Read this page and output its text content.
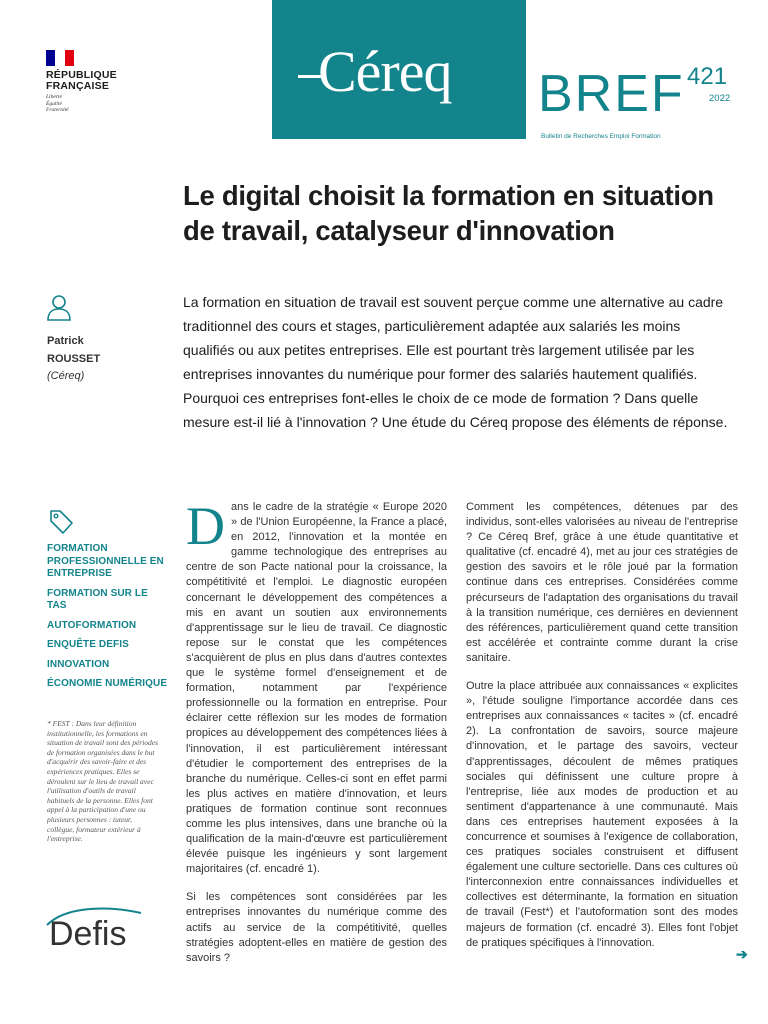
RÉPUBLIQUE FRANÇAISE
Liberté
Égalité
Fraternité
Céreq BREF 421
2022
Bulletin de Recherches Emploi Formation
Le digital choisit la formation en situation de travail, catalyseur d'innovation
Patrick
ROUSSET
(Céreq)

La formation en situation de travail est souvent perçue comme une alternative au cadre traditionnel des cours et stages, particulièrement adaptée aux salariés les moins qualifiés ou aux petites entreprises. Elle est pourtant très largement utilisée par les entreprises innovantes du numérique pour former des salariés hautement qualifiés. Pourquoi ces entreprises font-elles le choix de ce mode de formation ? Dans quelle mesure est-il lié à l'innovation ? Une étude du Céreq propose des éléments de réponse.

FORMATION PROFESSIONNELLE EN ENTREPRISE
FORMATION SUR LE TAS
AUTOFORMATION
ENQUÊTE DEFIS
INNOVATION
ÉCONOMIE NUMÉRIQUE

* FEST : Dans leur définition institutionnelle, les formations en situation de travail sont des périodes de formation organisées dans le but d'acquérir des savoir-faire et des expériences pratiques. Elles se déroulent sur le lieu de travail avec l'utilisation d'outils de travail habituels de la personne. Elles font appel à la participation d'une ou plusieurs personnes : tuteur, collègue, formateur extérieur à l'entreprise.

Defis

Dans le cadre de la stratégie « Europe 2020 » de l'Union Européenne, la France a placé, en 2012, l'innovation et la montée en gamme technologique des entreprises au centre de son Pacte national pour la croissance, la compétitivité et l'emploi. Le diagnostic européen concernant le développement des compétences a mis en avant un soutien aux environnements d'apprentissage sur le lieu de travail. Ce diagnostic repose sur le constat que les compétences s'acquièrent de plus en plus dans d'autres contextes que le système formel d'enseignement et de formation, notamment par l'expérience professionnelle ou la formation en entreprise. Pour éclairer cette réflexion sur les modes de formation propices au développement des compétences liées à l'innovation, il est particulièrement intéressant d'étudier le comportement des entreprises de la branche du numérique. Celles-ci sont en effet parmi les plus actives en matière d'innovation, et leurs pratiques de formation continue sont reconnues comme les plus intensives, dans une branche où la qualification de la main-d'œuvre est particulièrement élevée puisque les ingénieurs y sont largement majoritaires (cf. encadré 1).

Si les compétences sont considérées par les entreprises innovantes du numérique comme des actifs au service de la compétitivité, quelles stratégies adoptent-elles en matière de gestion des savoirs ?

Comment les compétences, détenues par des individus, sont-elles valorisées au niveau de l'entreprise ? Ce Céreq Bref, grâce à une étude quantitative et qualitative (cf. encadré 4), met au jour ces stratégies de gestion des savoirs et le rôle joué par la formation continue dans ces entreprises. Considérées comme précurseurs de l'adaptation des organisations du travail à la transition numérique, ces dernières en deviennent des références, particulièrement quand cette transition est accélérée et contrainte comme durant la crise sanitaire.

Outre la place attribuée aux connaissances « explicites », l'étude souligne l'importance accordée dans ces entreprises aux connaissances « tacites » (cf. encadré 2). La confrontation de savoirs, source majeure d'innovation, et le partage des savoirs, vecteur d'apprentissages, découlent de mêmes pratiques sociales qui définissent une culture propre à l'entreprise, liée aux modes de production et au sentiment d'appartenance à une communauté. Mais dans ces entreprises hautement exposées à la concurrence et soumises à l'exigence de collaboration, ces pratiques sociales construisent et diffusent également une culture sectorielle. Dans ces cultures où l'interconnexion entre connaissances individuelles et collectives est déterminante, la formation en situation de travail (Fest*) et l'autoformation sont des modes majeurs de formation (cf. encadré 3). Elles font l'objet de pratiques spécifiques à l'innovation.

➔
